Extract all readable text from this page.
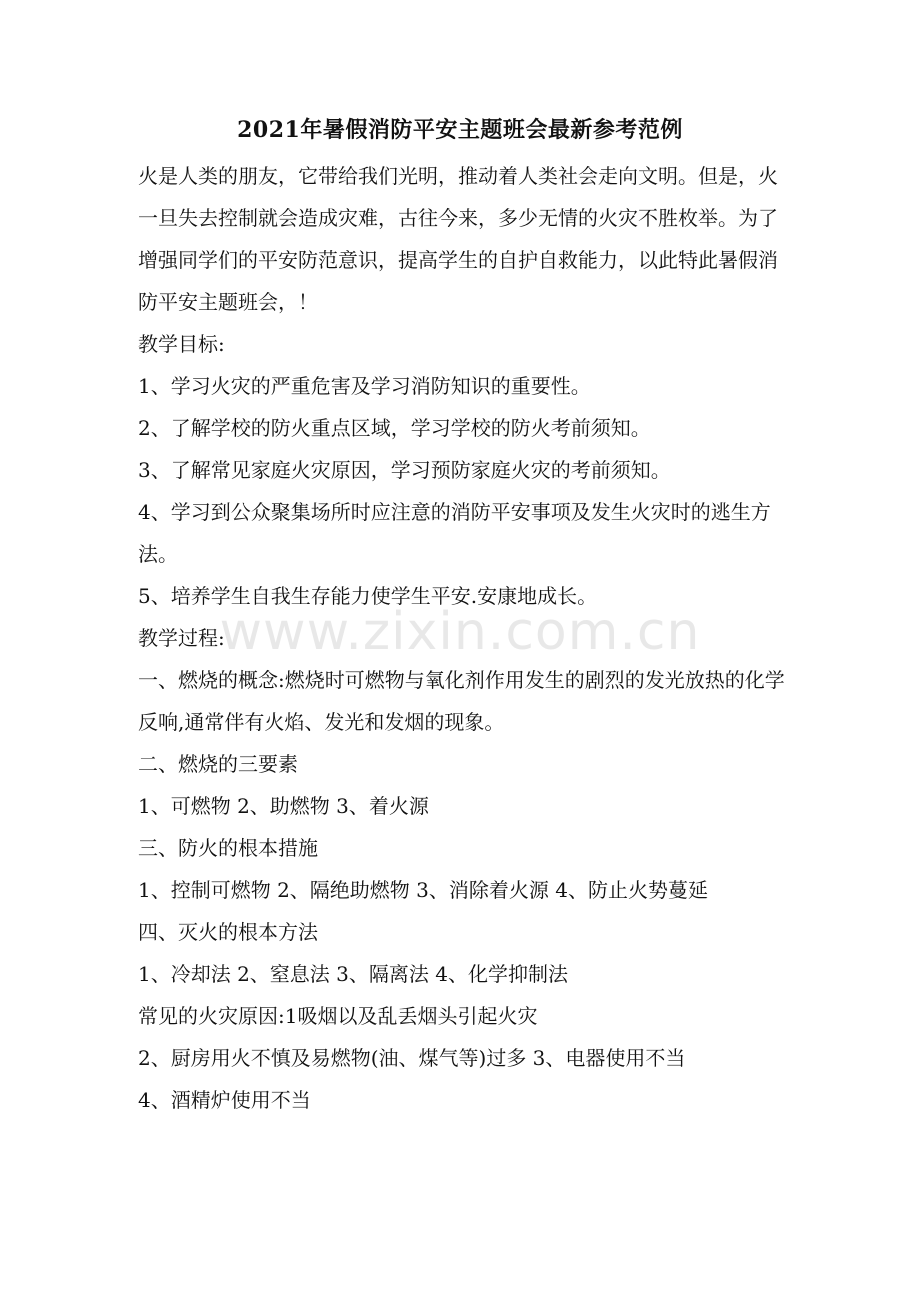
2021年暑假消防平安主题班会最新参考范例

火是人类的朋友，它带给我们光明，推动着人类社会走向文明。但是，火一旦失去控制就会造成灾难，古往今来，多少无情的火灾不胜枚举。为了增强同学们的平安防范意识，提高学生的自护自救能力，以此特此暑假消防平安主题班会，！

教学目标:

1、学习火灾的严重危害及学习消防知识的重要性。

2、了解学校的防火重点区域，学习学校的防火考前须知。

3、了解常见家庭火灾原因，学习预防家庭火灾的考前须知。

4、学习到公众聚集场所时应注意的消防平安事项及发生火灾时的逃生方法。

5、培养学生自我生存能力使学生平安.安康地成长。

教学过程:

一、燃烧的概念:燃烧时可燃物与氧化剂作用发生的剧烈的发光放热的化学反响,通常伴有火焰、发光和发烟的现象。

二、燃烧的三要素

1、可燃物 2、助燃物 3、着火源

三、防火的根本措施

1、控制可燃物 2、隔绝助燃物 3、消除着火源 4、防止火势蔓延

四、灭火的根本方法

1、冷却法 2、窒息法 3、隔离法 4、化学抑制法

常见的火灾原因:1吸烟以及乱丢烟头引起火灾

2、厨房用火不慎及易燃物(油、煤气等)过多 3、电器使用不当

4、酒精炉使用不当

www.zixin.com.cn
